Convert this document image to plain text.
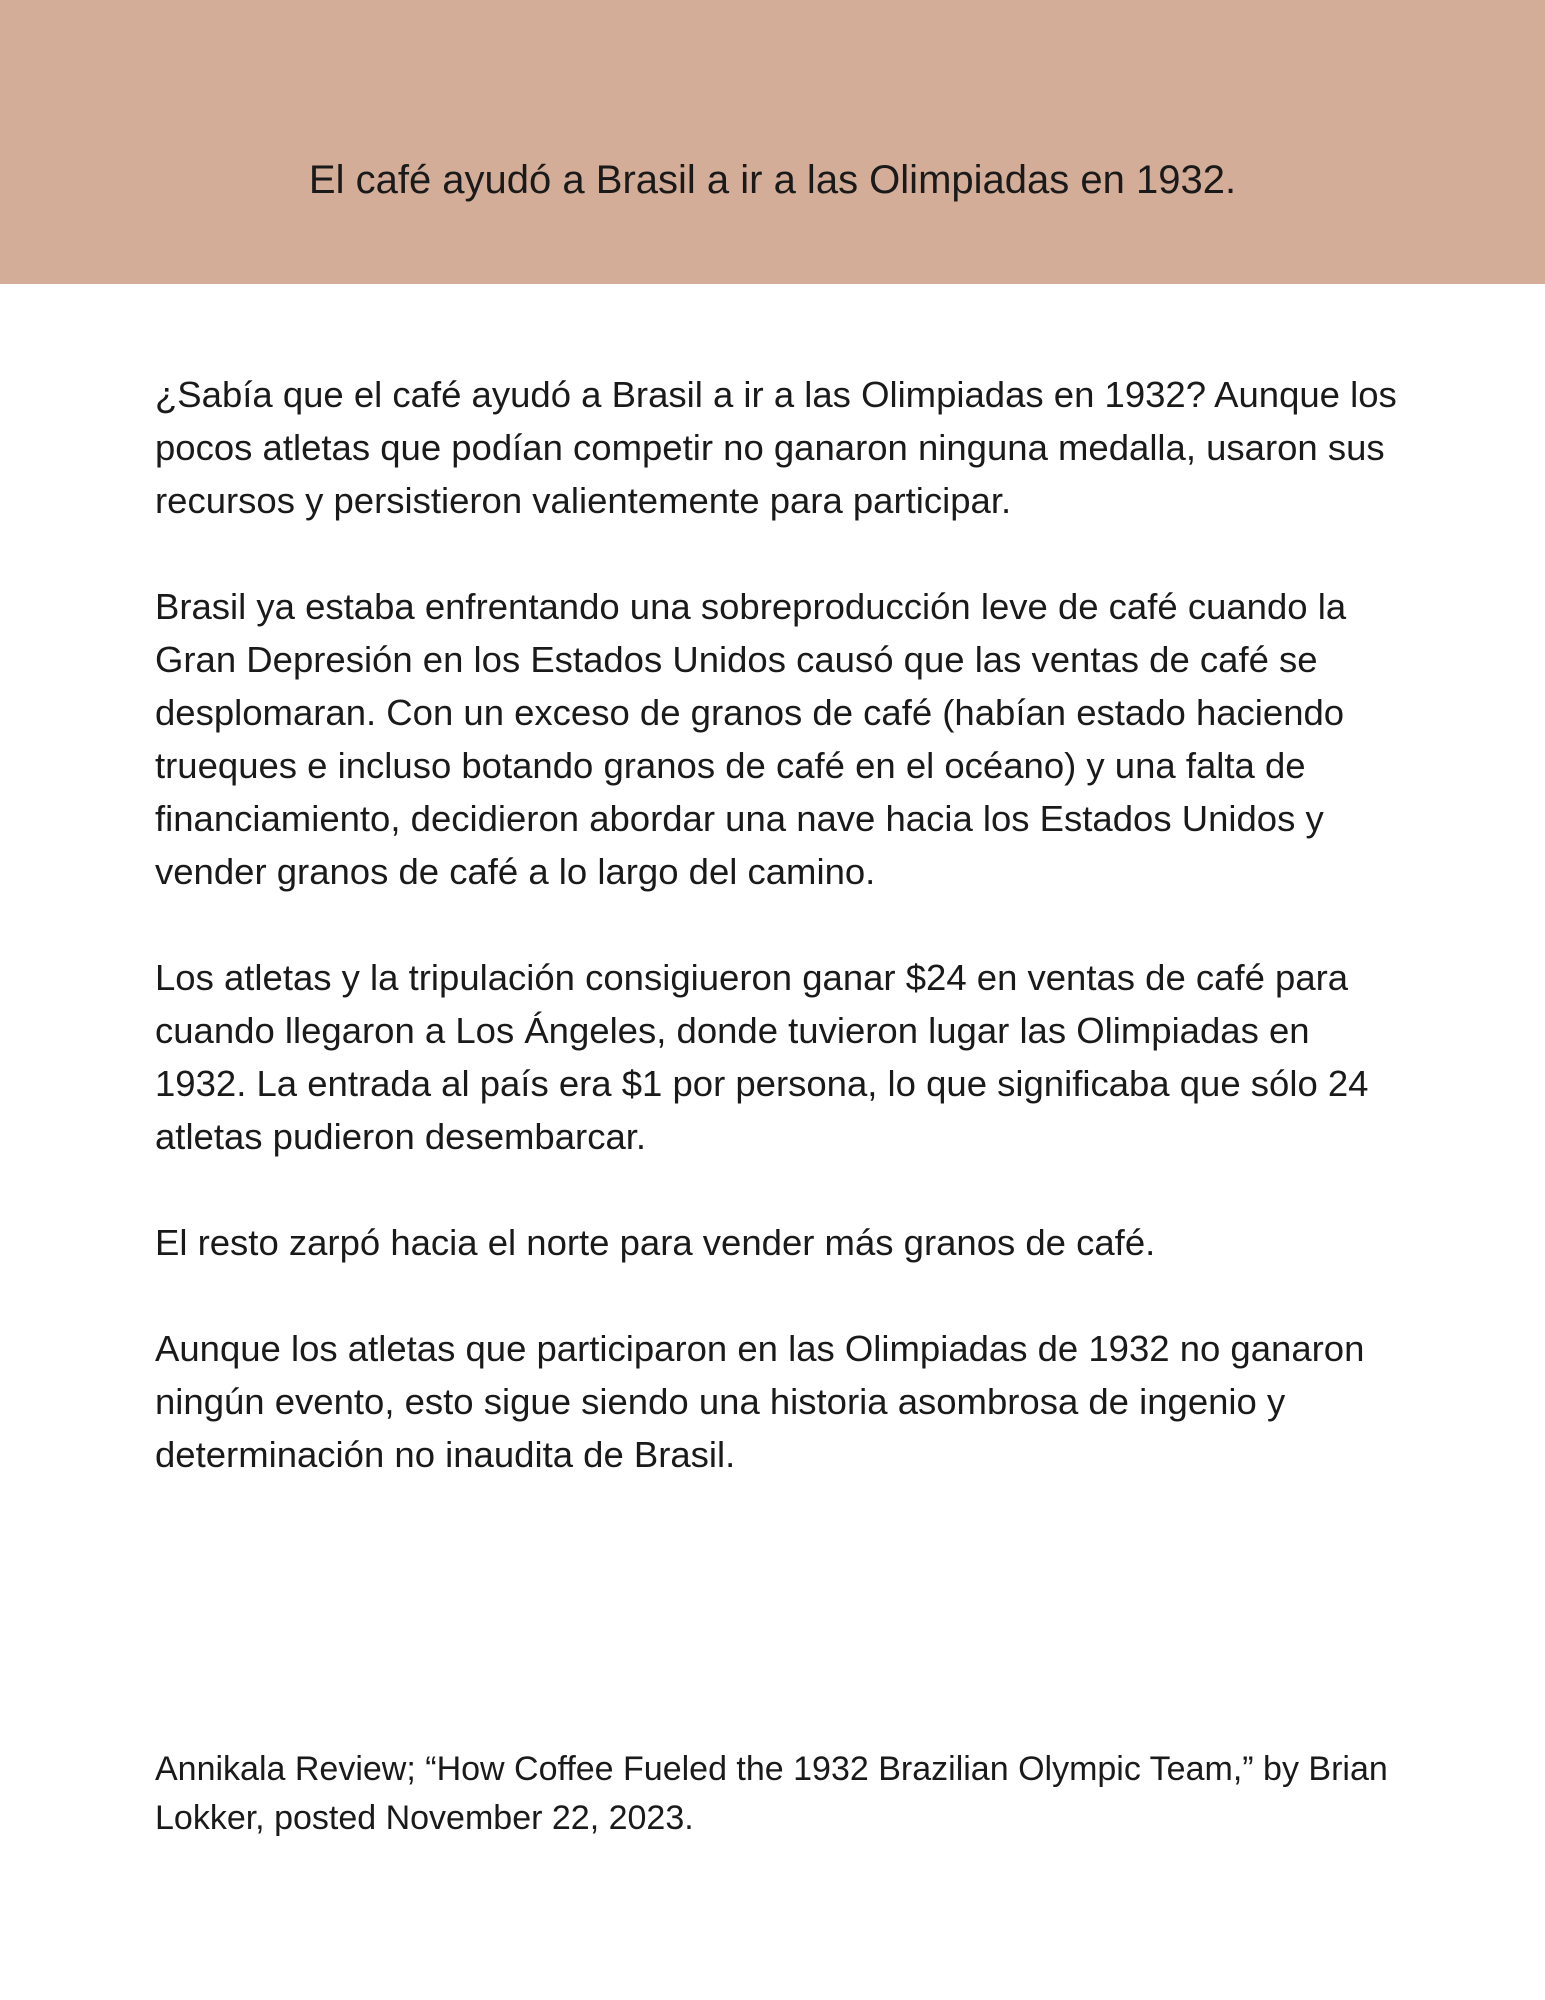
El café ayudó a Brasil a ir a las Olimpiadas en 1932.

¿Sabía que el café ayudó a Brasil a ir a las Olimpiadas en 1932? Aunque los pocos atletas que podían competir no ganaron ninguna medalla, usaron sus recursos y persistieron valientemente para participar.

Brasil ya estaba enfrentando una sobreproducción leve de café cuando la Gran Depresión en los Estados Unidos causó que las ventas de café se desplomaran. Con un exceso de granos de café (habían estado haciendo trueques e incluso botando granos de café en el océano) y una falta de financiamiento, decidieron abordar una nave hacia los Estados Unidos y vender granos de café a lo largo del camino.

Los atletas y la tripulación consigiueron ganar $24 en ventas de café para cuando llegaron a Los Ángeles, donde tuvieron lugar las Olimpiadas en 1932. La entrada al país era $1 por persona, lo que significaba que sólo 24 atletas pudieron desembarcar.

El resto zarpó hacia el norte para vender más granos de café.

Aunque los atletas que participaron en las Olimpiadas de 1932 no ganaron ningún evento, esto sigue siendo una historia asombrosa de ingenio y determinación no inaudita de Brasil.

Annikala Review; “How Coffee Fueled the 1932 Brazilian Olympic Team,” by Brian Lokker, posted November 22, 2023.
